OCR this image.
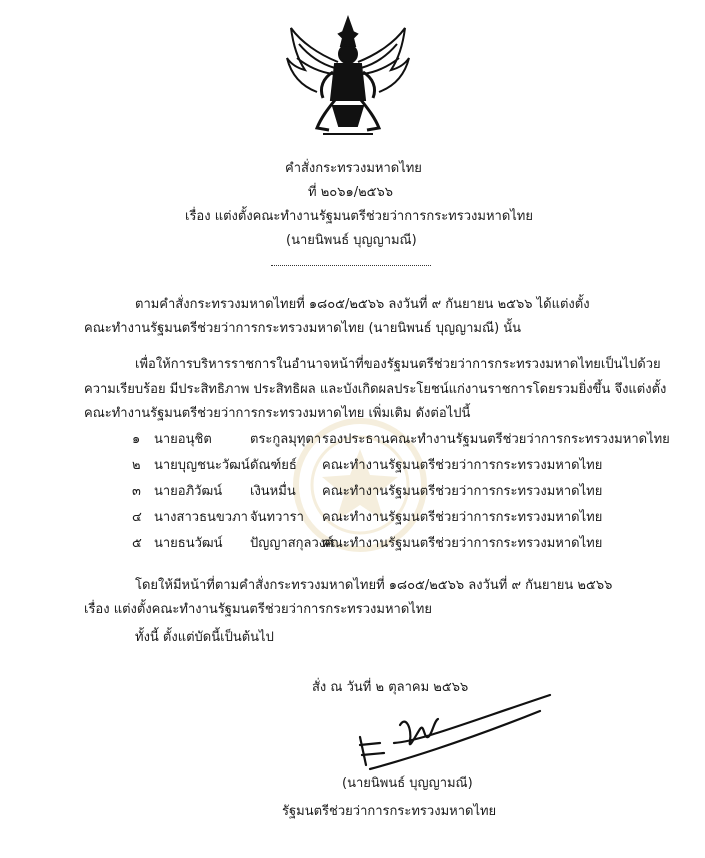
คำสั่งกระทรวงมหาดไทย
ที่ ๒๐๖๑/๒๕๖๖
เรื่อง แต่งตั้งคณะทำงานรัฐมนตรีช่วยว่าการกระทรวงมหาดไทย
(นายนิพนธ์ บุญญามณี)
ตามคำสั่งกระทรวงมหาดไทยที่ ๑๘๐๕/๒๕๖๖ ลงวันที่ ๙ กันยายน ๒๕๖๖ ได้แต่งตั้ง
คณะทำงานรัฐมนตรีช่วยว่าการกระทรวงมหาดไทย (นายนิพนธ์ บุญญามณี) นั้น
เพื่อให้การบริหารราชการในอำนาจหน้าที่ของรัฐมนตรีช่วยว่าการกระทรวงมหาดไทยเป็นไปด้วย
ความเรียบร้อย มีประสิทธิภาพ ประสิทธิผล และบังเกิดผลประโยชน์แก่งานราชการโดยรวมยิ่งขึ้น จึงแต่งตั้ง
คณะทำงานรัฐมนตรีช่วยว่าการกระทรวงมหาดไทย เพิ่มเติม ดังต่อไปนี้
๑ นายอนุชิต	ตระกูลมุทุตา รองประธานคณะทำงานรัฐมนตรีช่วยว่าการกระทรวงมหาดไทย
๒ นายบุญชนะวัฒน์ ดัณฑ์ยธ์ คณะทำงานรัฐมนตรีช่วยว่าการกระทรวงมหาดไทย
๓ นายอภิวัฒน์ เงินหมื่น คณะทำงานรัฐมนตรีช่วยว่าการกระทรวงมหาดไทย
๔ นางสาวธนขวภา จันทวารา คณะทำงานรัฐมนตรีช่วยว่าการกระทรวงมหาดไทย
๕ นายธนวัฒน์ ปัญญาสกุลวงศ์
คณะทำงานรัฐมนตรีช่วยว่าการกระทรวงมหาดไทย
โดยให้มีหน้าที่ตามคำสั่งกระทรวงมหาดไทยที่ ๑๘๐๕/๒๕๖๖ ลงวันที่ ๙ กันยายน ๒๕๖๖
เรื่อง แต่งตั้งคณะทำงานรัฐมนตรีช่วยว่าการกระทรวงมหาดไทย
ทั้งนี้ ตั้งแต่บัดนี้เป็นต้นไป
สั่ง ณ วันที่ ๒ ตุลาคม ๒๕๖๖
(นายนิพนธ์ บุญญามณี)
รัฐมนตรีช่วยว่าการกระทรวงมหาดไทย
